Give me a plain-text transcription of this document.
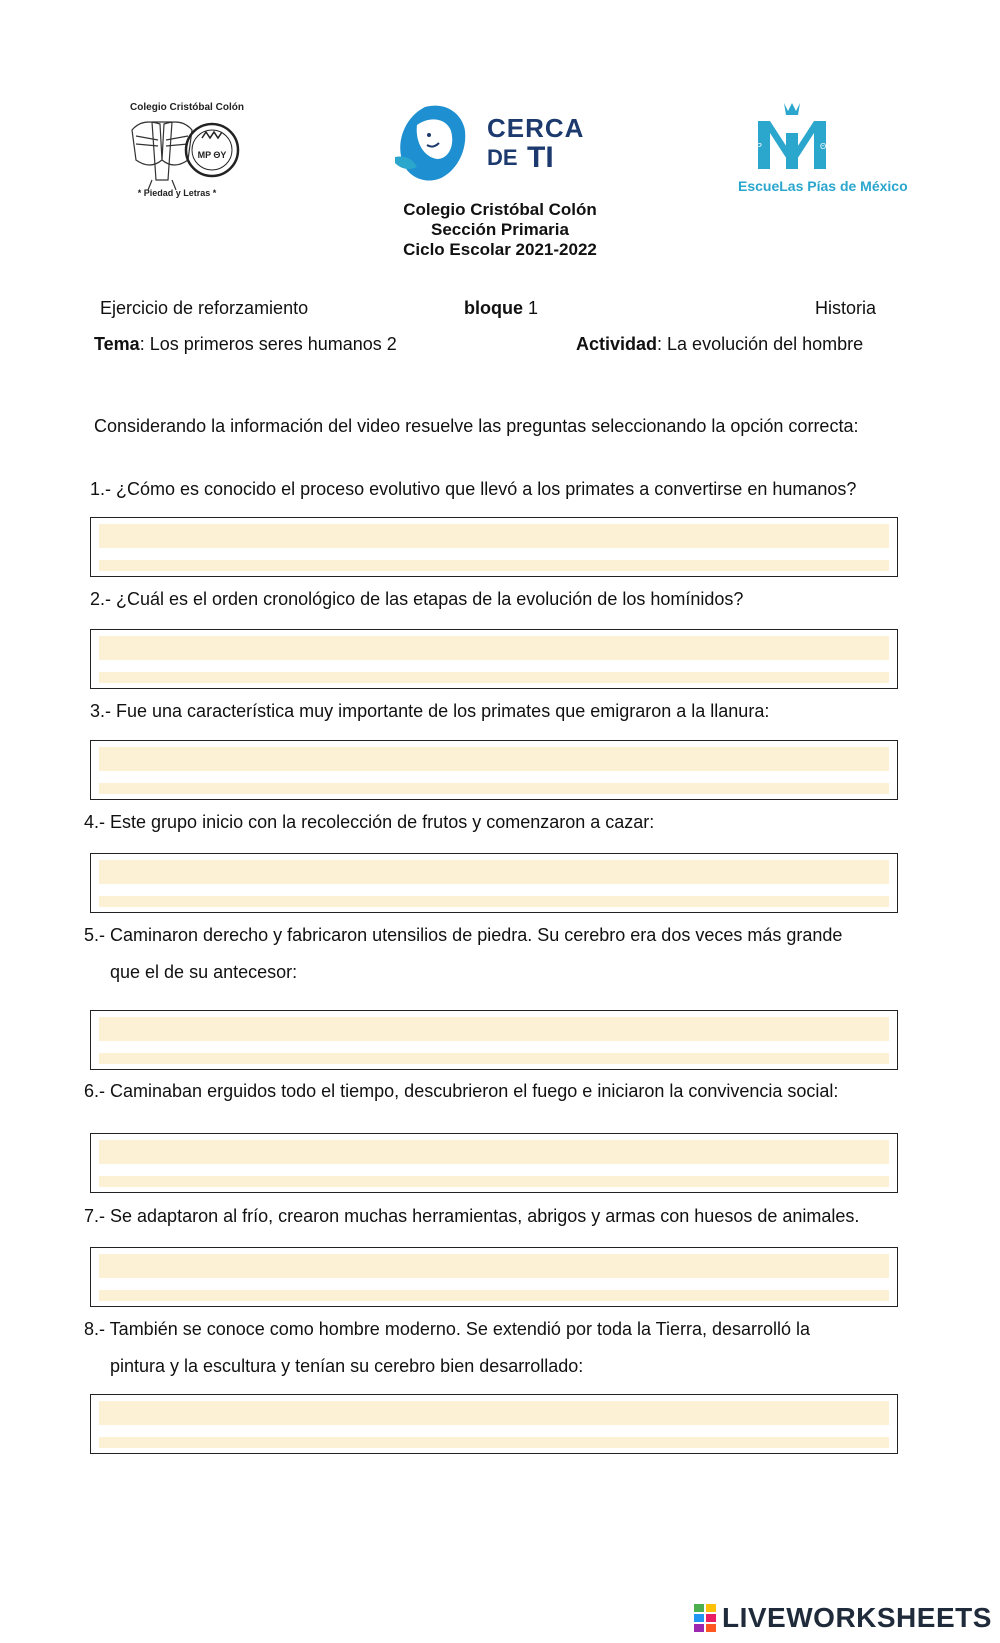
Colegio Cristóbal Colón
MP ΘY
* Piedad y Letras *
CERCA
DE TI	MP	ΘY
EscueLas Pías de México
Colegio Cristóbal Colón
Sección Primaria
Ciclo Escolar 2021-2022
Ejercicio de reforzamiento	bloque 1	Historia
Tema: Los primeros seres humanos 2	Actividad: La evolución del hombre
Considerando la información del video resuelve las preguntas seleccionando la opción correcta:
1.- ¿Cómo es conocido el proceso evolutivo que llevó a los primates a convertirse en humanos?
2.- ¿Cuál es el orden cronológico de las etapas de la evolución de los homínidos?
3.- Fue una característica muy importante de los primates que emigraron a la llanura:
4.- Este grupo inicio con la recolección de frutos y comenzaron a cazar:
5.- Caminaron derecho y fabricaron utensilios de piedra. Su cerebro era dos veces más grande
que el de su antecesor:
6.- Caminaban erguidos todo el tiempo, descubrieron el fuego e iniciaron la convivencia social:
7.- Se adaptaron al frío, crearon muchas herramientas, abrigos y armas con huesos de animales.
8.- También se conoce como hombre moderno. Se extendió por toda la Tierra, desarrolló la
pintura y la escultura y tenían su cerebro bien desarrollado:
LIVEWORKSHEETS
